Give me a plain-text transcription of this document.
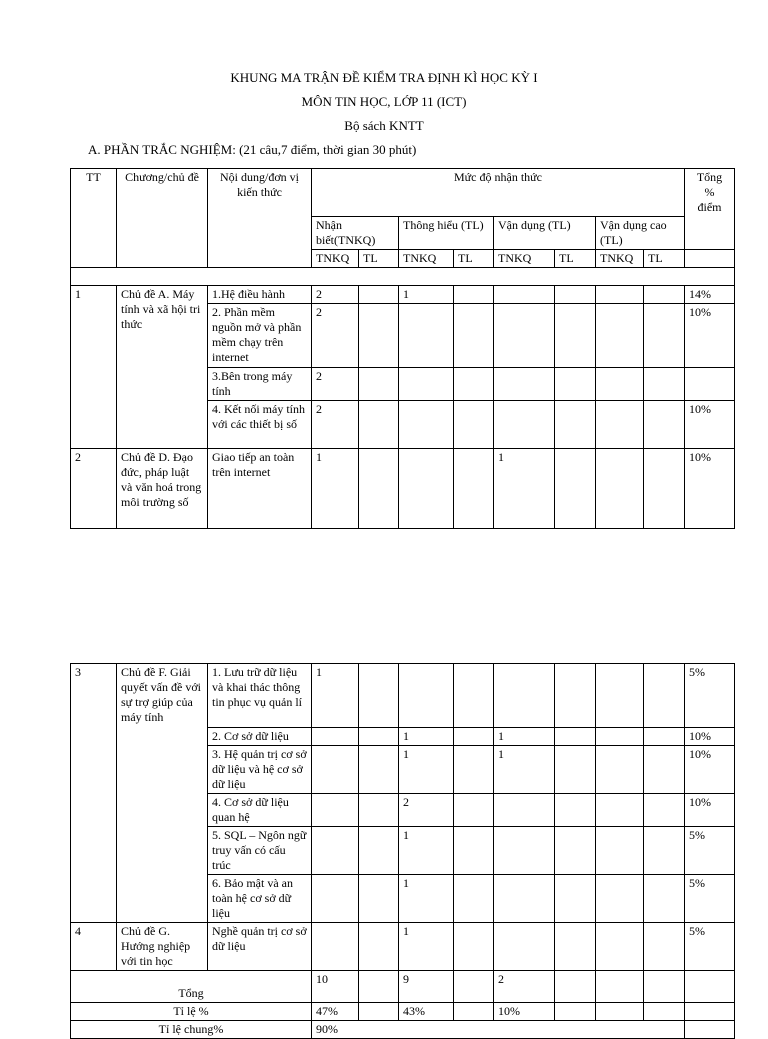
KHUNG MA TRẬN ĐỀ KIỂM TRA ĐỊNH KÌ HỌC KỲ I
MÔN TIN HỌC, LỚP 11 (ICT)
Bộ sách KNTT
A. PHẦN TRẮC NGHIỆM: (21 câu,7 điểm, thời gian 30 phút)
TT	Chương/chủ đề	Nội dung/đơn vị kiến thức	Mức độ nhận thức								Tổng
%
điểm
			Nhận biết(TNKQ)		Thông hiểu (TL)		Vận dụng (TL)		Vận dụng cao (TL)		
			TNKQ	TL	TNKQ	TL	TNKQ	TL	TNKQ	TL	

1	Chủ đề A. Máy tính và xã hội tri thức	1.Hệ điều hành	2		1						14%
		2. Phần mềm nguồn mở và phần mềm chạy trên internet	2								10%
		3.Bên trong máy tính	2								
		4. Kết nối máy tính với các thiết bị số	2								10%
2	Chủ đề D. Đạo đức, pháp luật và văn hoá trong môi trường số	Giao tiếp an toàn trên internet	1				1				10%
3	Chủ đề F. Giải quyết vấn đề với sự trợ giúp của máy tính	1. Lưu trữ dữ liệu và khai thác thông tin phục vụ quản lí	1								5%
		2. Cơ sở dữ liệu			1		1				10%
		3. Hệ quản trị cơ sở dữ liệu và hệ cơ sở dữ liệu			1		1				10%
		4. Cơ sở dữ liệu quan hệ			2						10%
		5. SQL – Ngôn ngữ truy vấn có cấu trúc			1						5%
		6. Bảo mật và an toàn hệ cơ sở dữ liệu			1						5%
4	Chủ đề G. Hướng nghiệp với tin học	Nghề quản trị cơ sở dữ liệu			1						5%
Tổng			10		9		2				
Tỉ lệ %			47%		43%		10%				
Tỉ lệ chung%			90%								
